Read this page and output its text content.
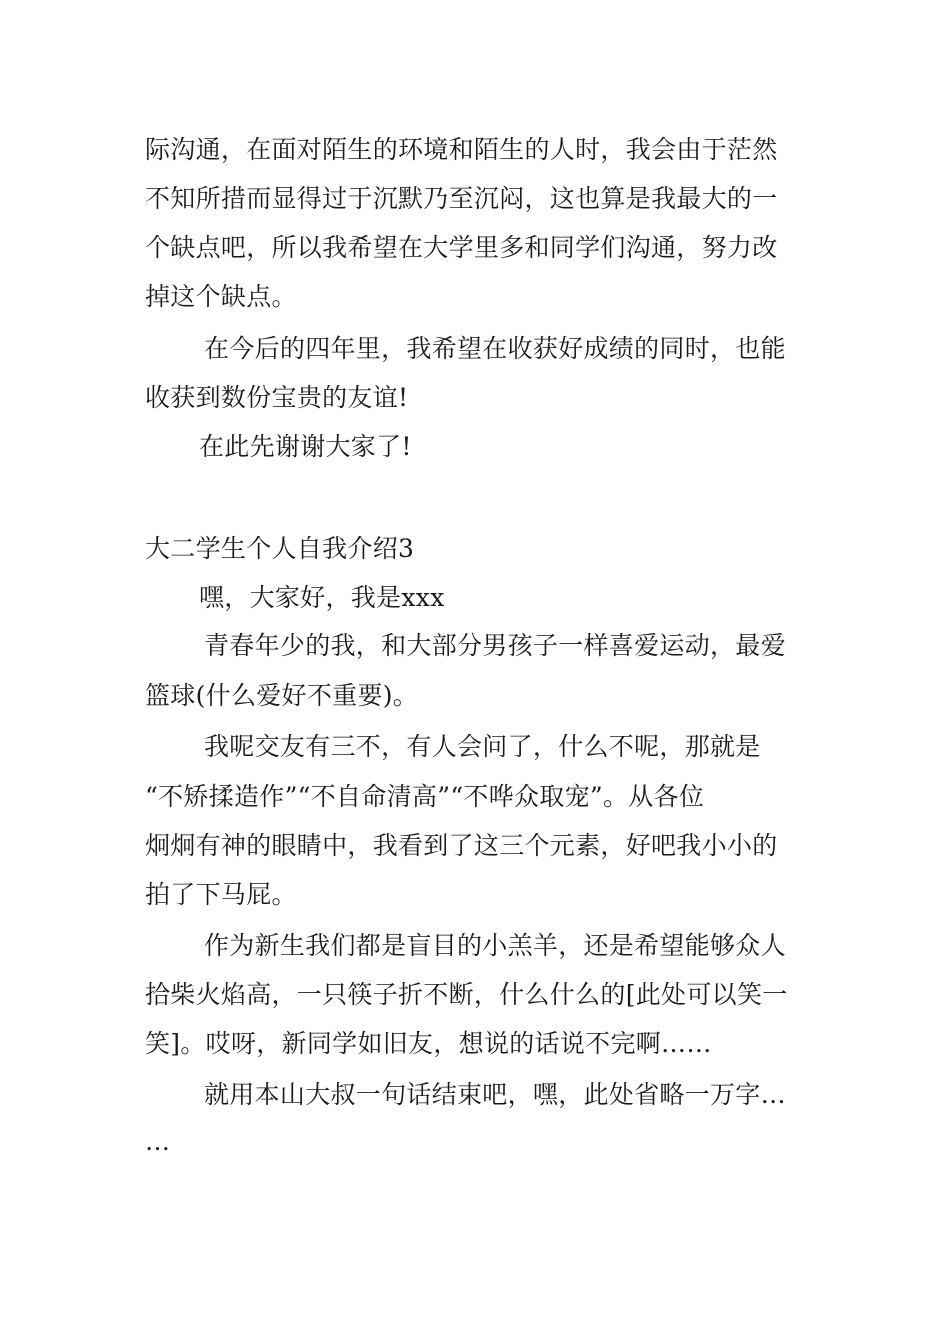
际沟通，在面对陌生的环境和陌生的人时，我会由于茫然
不知所措而显得过于沉默乃至沉闷，这也算是我最大的一
个缺点吧，所以我希望在大学里多和同学们沟通，努力改
掉这个缺点。
在今后的四年里，我希望在收获好成绩的同时，也能
收获到数份宝贵的友谊!
在此先谢谢大家了!
大二学生个人自我介绍3
嘿，大家好，我是xxx
青春年少的我，和大部分男孩子一样喜爱运动，最爱
篮球(什么爱好不重要)。
我呢交友有三不，有人会问了，什么不呢，那就是
“不矫揉造作”“不自命清高”“不哗众取宠”。从各位
炯炯有神的眼睛中，我看到了这三个元素，好吧我小小的
拍了下马屁。
作为新生我们都是盲目的小羔羊，还是希望能够众人
拾柴火焰高，一只筷子折不断，什么什么的[此处可以笑一
笑]。哎呀，新同学如旧友，想说的话说不完啊……
就用本山大叔一句话结束吧，嘿，此处省略一万字…
…
